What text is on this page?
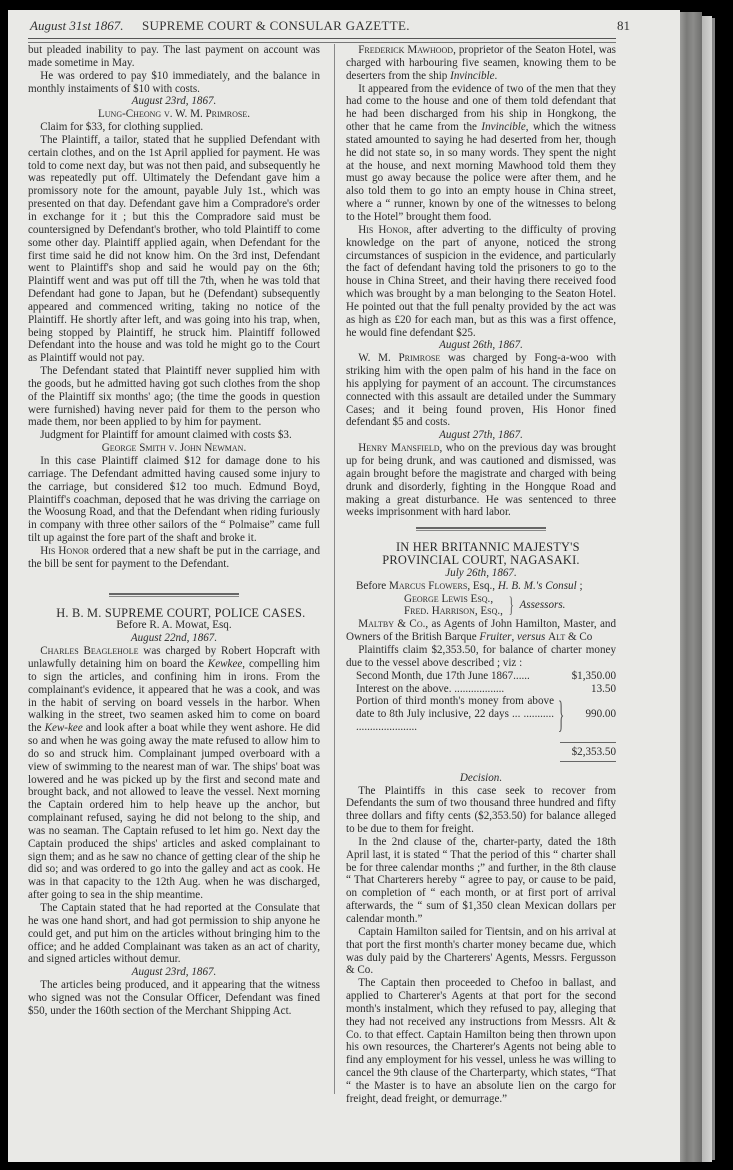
August 31st 1867. SUPREME COURT & CONSULAR GAZETTE.	81

but pleaded inability to pay. The last payment on account was made sometime in May.

He was ordered to pay $10 immediately, and the balance in monthly instaiments of $10 with costs.

August 23rd, 1867.

Lung-Cheong v. W. M. Primrose.

Claim for $33, for clothing supplied.

The Plaintiff, a tailor, stated that he supplied Defendant with certain clothes, and on the 1st April applied for payment. He was told to come next day, but was not then paid, and subsequently he was repeatedly put off. Ultimately the Defendant gave him a promissory note for the amount, payable July 1st., which was presented on that day. Defendant gave him a Compradore's order in exchange for it ; but this the Compradore said must be countersigned by Defendant's brother, who told Plaintiff to come some other day. Plaintiff applied again, when Defendant for the first time said he did not know him. On the 3rd inst, Defendant went to Plaintiff's shop and said he would pay on the 6th; Plaintiff went and was put off till the 7th, when he was told that Defendant had gone to Japan, but he (Defendant) subsequently appeared and commenced writing, taking no notice of the Plaintiff. He shortly after left, and was going into his trap, when, being stopped by Plaintiff, he struck him. Plaintiff followed Defendant into the house and was told he might go to the Court as Plaintiff would not pay.

The Defendant stated that Plaintiff never supplied him with the goods, but he admitted having got such clothes from the shop of the Plaintiff six months' ago; (the time the goods in question were furnished) having never paid for them to the person who made them, nor been applied to by him for payment.

Judgment for Plaintiff for amount claimed with costs $3.

George Smith v. John Newman.

In this case Plaintiff claimed $12 for damage done to his carriage. The Defendant admitted having caused some injury to the carriage, but considered $12 too much. Edmund Boyd, Plaintiff's coachman, deposed that he was driving the carriage on the Woosung Road, and that the Defendant when riding furiously in company with three other sailors of the “ Polmaise” came full tilt up against the fore part of the shaft and broke it.

His Honor ordered that a new shaft be put in the carriage, and the bill be sent for payment to the Defendant.

H. B. M. SUPREME COURT, POLICE CASES.

Before R. A. Mowat, Esq.

August 22nd, 1867.

Charles Beaglehole was charged by Robert Hopcraft with unlawfully detaining him on board the Kewkee, compelling him to sign the articles, and confining him in irons. From the complainant's evidence, it appeared that he was a cook, and was in the habit of serving on board vessels in the harbor. When walking in the street, two seamen asked him to come on board the Kew-kee and look after a boat while they went ashore. He did so and when he was going away the mate refused to allow him to do so and struck him. Complainant jumped overboard with a view of swimming to the nearest man of war. The ships' boat was lowered and he was picked up by the first and second mate and brought back, and not allowed to leave the vessel. Next morning the Captain ordered him to help heave up the anchor, but complainant refused, saying he did not belong to the ship, and was no seaman. The Captain refused to let him go. Next day the Captain produced the ships' articles and asked complainant to sign them; and as he saw no chance of getting clear of the ship he did so; and was ordered to go into the galley and act as cook. He was in that capacity to the 12th Aug. when he was discharged, after going to sea in the ship meantime.

The Captain stated that he had reported at the Consulate that he was one hand short, and had got permission to ship anyone he could get, and put him on the articles without bringing him to the office; and he added Complainant was taken as an act of charity, and signed articles without demur.

August 23rd, 1867.

The articles being produced, and it appearing that the witness who signed was not the Consular Officer, Defendant was fined $50, under the 160th section of the Merchant Shipping Act.

Frederick Mawhood, proprietor of the Seaton Hotel, was charged with harbouring five seamen, knowing them to be deserters from the ship Invincible.

It appeared from the evidence of two of the men that they had come to the house and one of them told defendant that he had been discharged from his ship in Hongkong, the other that he came from the Invincible, which the witness stated amounted to saying he had deserted from her, though he did not state so, in so many words. They spent the night at the house, and next morning Mawhood told them they must go away because the police were after them, and he also told them to go into an empty house in China street, where a “ runner, known by one of the witnesses to belong to the Hotel” brought them food.

His Honor, after adverting to the difficulty of proving knowledge on the part of anyone, noticed the strong circumstances of suspicion in the evidence, and particularly the fact of defendant having told the prisoners to go to the house in China Street, and their having there received food which was brought by a man belonging to the Seaton Hotel. He pointed out that the full penalty provided by the act was as high as £20 for each man, but as this was a first offence, he would fine defendant $25.

August 26th, 1867.

W. M. Primrose was charged by Fong-a-woo with striking him with the open palm of his hand in the face on his applying for payment of an account. The circumstances connected with this assault are detailed under the Summary Cases; and it being found proven, His Honor fined defendant $5 and costs.

August 27th, 1867.

Henry Mansfield, who on the previous day was brought up for being drunk, and was cautioned and dismissed, was again brought before the magistrate and charged with being drunk and disorderly, fighting in the Hongque Road and making a great disturbance. He was sentenced to three weeks imprisonment with hard labor.

IN HER BRITANNIC MAJESTY'S PROVINCIAL COURT, NAGASAKI.

July 26th, 1867.

Before Marcus Flowers, Esq., H. B. M.'s Consul ;

George Lewis Esq.,
Fred. Harrison, Esq., } Assessors.

Maltby & Co., as Agents of John Hamilton, Master, and Owners of the British Barque Fruiter, versus Alt & Co

Plaintiffs claim $2,353.50, for balance of charter money due to the vessel above described ; viz :

Second Month, due 17th June 1867......	$1,350.00
Interest on the above. ..................	13.50
Portion of third month's money from above date to 8th July inclusive, 22 days ... ........... ......................	}	990.00
$2,353.50

Decision.

The Plaintiffs in this case seek to recover from Defendants the sum of two thousand three hundred and fifty three dollars and fifty cents ($2,353.50) for balance alleged to be due to them for freight.

In the 2nd clause of the, charter-party, dated the 18th April last, it is stated “ That the period of this “ charter shall be for three calendar months ;” and further, in the 8th clause “ That Charterers hereby “ agree to pay, or cause to be paid, on completion of “ each month, or at first port of arrival afterwards, the “ sum of $1,350 clean Mexican dollars per calendar month.”

Captain Hamilton sailed for Tientsin, and on his arrival at that port the first month's charter money became due, which was duly paid by the Charterers' Agents, Messrs. Fergusson & Co.

The Captain then proceeded to Chefoo in ballast, and applied to Charterer's Agents at that port for the second month's instalment, which they refused to pay, alleging that they had not received any instructions from Messrs. Alt & Co. to that effect. Captain Hamilton being then thrown upon his own resources, the Charterer's Agents not being able to find any employment for his vessel, unless he was willing to cancel the 9th clause of the Charterparty, which states, “That “ the Master is to have an absolute lien on the cargo for freight, dead freight, or demurrage.”
